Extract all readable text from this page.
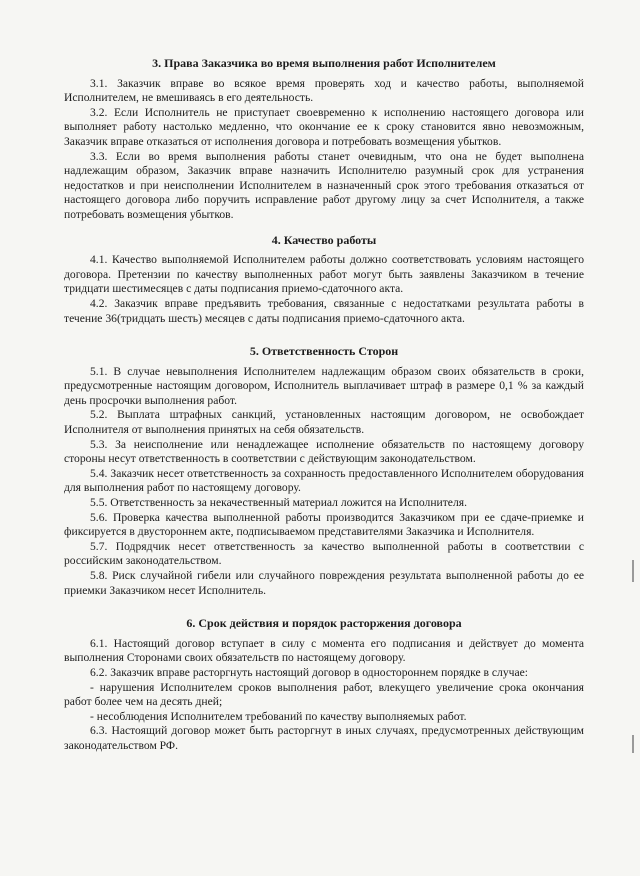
3. Права Заказчика во время выполнения работ Исполнителем

3.1. Заказчик вправе во всякое время проверять ход и качество работы, выполняемой Исполнителем, не вмешиваясь в его деятельность.

3.2. Если Исполнитель не приступает своевременно к исполнению настоящего договора или выполняет работу настолько медленно, что окончание ее к сроку становится явно невозможным, Заказчик вправе отказаться от исполнения договора и потребовать возмещения убытков.

3.3. Если во время выполнения работы станет очевидным, что она не будет выполнена надлежащим образом, Заказчик вправе назначить Исполнителю разумный срок для устранения недостатков и при неисполнении Исполнителем в назначенный срок этого требования отказаться от настоящего договора либо поручить исправление работ другому лицу за счет Исполнителя, а также потребовать возмещения убытков.

4. Качество работы

4.1. Качество выполняемой Исполнителем работы должно соответствовать условиям настоящего договора. Претензии по качеству выполненных работ могут быть заявлены Заказчиком в течение тридцати шестимесяцев с даты подписания приемо-сдаточного акта.

4.2. Заказчик вправе предъявить требования, связанные с недостатками результата работы в течение 36(тридцать шесть) месяцев с даты подписания приемо-сдаточного акта.

5. Ответственность Сторон

5.1. В случае невыполнения Исполнителем надлежащим образом своих обязательств в сроки, предусмотренные настоящим договором, Исполнитель выплачивает штраф в размере 0,1 % за каждый день просрочки выполнения работ.

5.2. Выплата штрафных санкций, установленных настоящим договором, не освобождает Исполнителя от выполнения принятых на себя обязательств.

5.3. За неисполнение или ненадлежащее исполнение обязательств по настоящему договору стороны несут ответственность в соответствии с действующим законодательством.

5.4. Заказчик несет ответственность за сохранность предоставленного Исполнителем оборудования для выполнения работ по настоящему договору.

5.5. Ответственность за некачественный материал ложится на Исполнителя.

5.6. Проверка качества выполненной работы производится Заказчиком при ее сдаче-приемке и фиксируется в двустороннем акте, подписываемом представителями Заказчика и Исполнителя.

5.7. Подрядчик несет ответственность за качество выполненной работы в соответствии с российским законодательством.

5.8. Риск случайной гибели или случайного повреждения результата выполненной работы до ее приемки Заказчиком несет Исполнитель.

6. Срок действия и порядок расторжения договора

6.1. Настоящий договор вступает в силу с момента его подписания и действует до момента выполнения Сторонами своих обязательств по настоящему договору.

6.2. Заказчик вправе расторгнуть настоящий договор в одностороннем порядке в случае:

- нарушения Исполнителем сроков выполнения работ, влекущего увеличение срока окончания работ более чем на десять дней;

- несоблюдения Исполнителем требований по качеству выполняемых работ.

6.3. Настоящий договор может быть расторгнут в иных случаях, предусмотренных действующим законодательством РФ.
